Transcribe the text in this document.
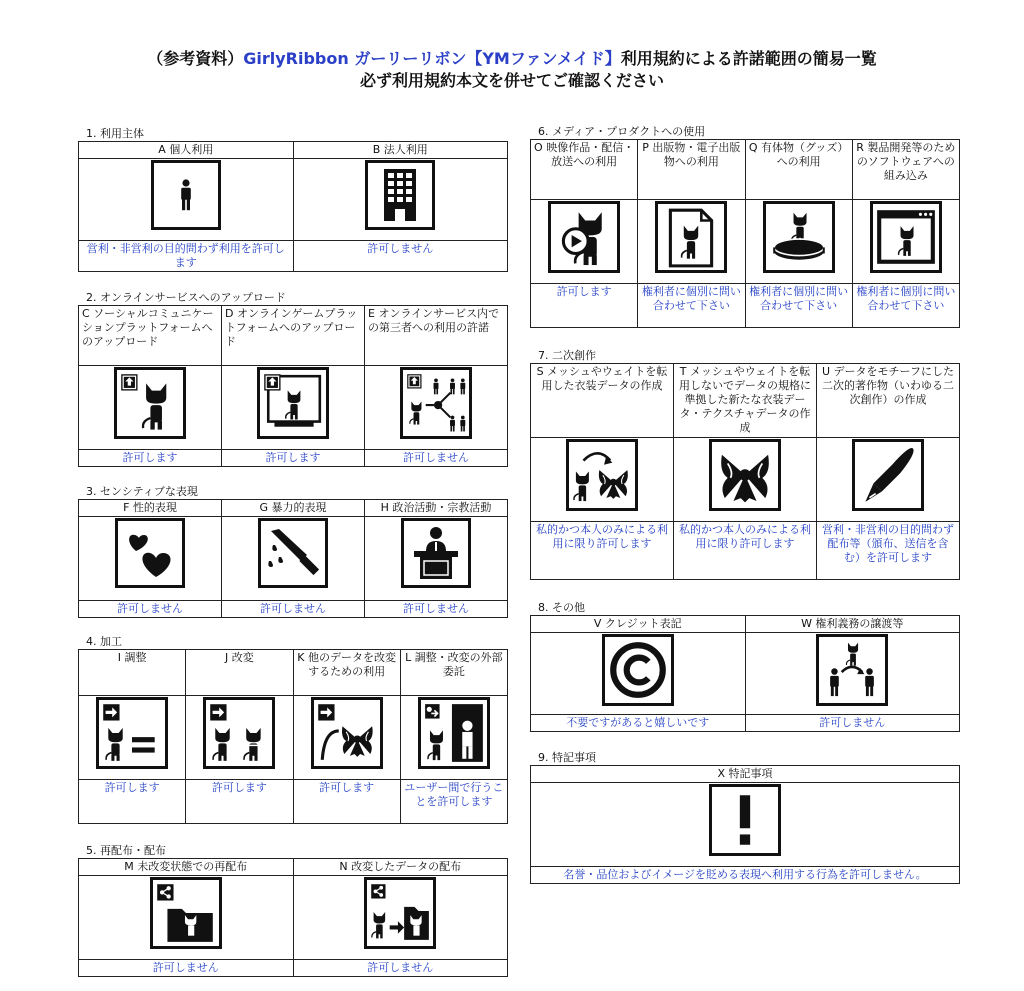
（参考資料）GirlyRibbon ガーリーリボン【YMファンメイド】利用規約による許諾範囲の簡易一覧
必ず利用規約本文を併せてご確認ください
1. 利用主体
A 個人利用	B 法人利用

営利・非営利の目的問わず利用を許可します	許可しません
2. オンラインサービスへのアップロード
C ソーシャルコミュニケーションプラットフォームへのアップロード	D オンラインゲームプラットフォームへのアップロード	E オンラインサービス内での第三者への利用の許諾

許可します	許可します	許可しません
3. センシティブな表現
F 性的表現	G 暴力的表現	H 政治活動・宗教活動

許可しません	許可しません	許可しません
4. 加工
I 調整	J 改変	K 他のデータを改変するための利用	L 調整・改変の外部委託

許可します	許可します	許可します	ユーザー間で行うことを許可します
5. 再配布・配布
M 未改変状態での再配布	N 改変したデータの配布

許可しません	許可しません
6. メディア・プロダクトへの使用
O 映像作品・配信・放送への利用	P 出版物・電子出版物への利用	Q 有体物（グッズ）への利用	R 製品開発等のためのソフトウェアへの組み込み

許可します	権利者に個別に問い合わせて下さい	権利者に個別に問い合わせて下さい	権利者に個別に問い合わせて下さい
7. 二次創作
S メッシュやウェイトを転用した衣装データの作成	T メッシュやウェイトを転用しないでデータの規格に準拠した新たな衣装データ・テクスチャデータの作成	U データをモチーフにした二次的著作物（いわゆる二次創作）の作成

私的かつ本人のみによる利用に限り許可します	私的かつ本人のみによる利用に限り許可します	営利・非営利の目的問わず配布等（頒布、送信を含む）を許可します
8. その他
V クレジット表記	W 権利義務の譲渡等

不要ですがあると嬉しいです	許可しません
9. 特記事項
X 特記事項

名誉・品位およびイメージを貶める表現へ利用する行為を許可しません。
